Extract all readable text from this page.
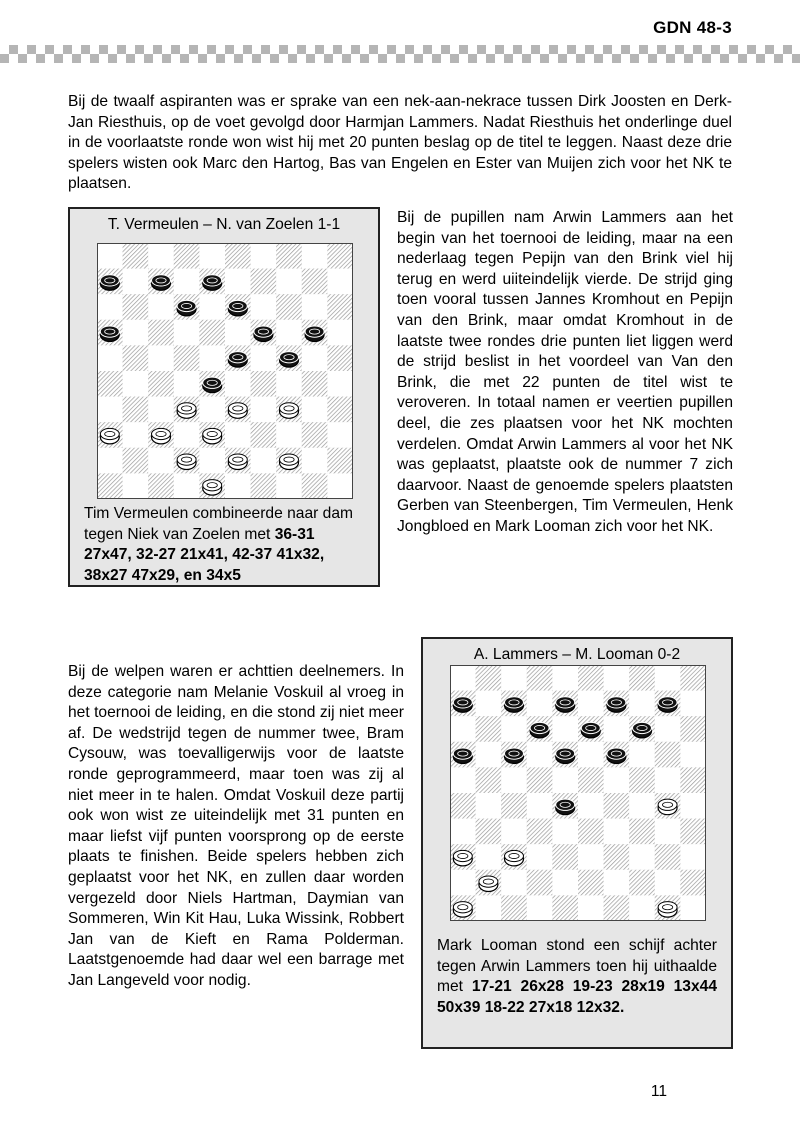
GDN 48-3

Bij de twaalf aspiranten was er sprake van een nek-aan-nekrace tussen Dirk Joosten en Derk-Jan Riesthuis, op de voet gevolgd door Harmjan Lammers. Nadat Riesthuis het onderlinge duel in de voorlaatste ronde won wist hij met 20 punten beslag op de titel te leggen. Naast deze drie spelers wisten ook Marc den Hartog, Bas van Engelen en Ester van Muijen zich voor het NK te plaatsen.

T. Vermeulen – N. van Zoelen 1-1
Tim Vermeulen combineerde naar dam tegen Niek van Zoelen met 36-31 27x47, 32-27 21x41, 42-37 41x32, 38x27 47x29, en 34x5

Bij de pupillen nam Arwin Lammers aan het begin van het toernooi de leiding, maar na een nederlaag tegen Pepijn van den Brink viel hij terug en werd uiiteindelijk vierde. De strijd ging toen vooral tussen Jannes Kromhout en Pepijn van den Brink, maar omdat Kromhout in de laatste twee rondes drie punten liet liggen werd de strijd beslist in het voordeel van Van den Brink, die met 22 punten de titel wist te veroveren. In totaal namen er veertien pupillen deel, die zes plaatsen voor het NK mochten verdelen. Omdat Arwin Lammers al voor het NK was geplaatst, plaatste ook de nummer 7 zich daarvoor. Naast de genoemde spelers plaatsten Gerben van Steenbergen, Tim Vermeulen, Henk Jongbloed en Mark Looman zich voor het NK.

A. Lammers – M. Looman 0-2
Mark Looman stond een schijf achter tegen Arwin Lammers toen hij uithaalde met 17-21 26x28 19-23 28x19 13x44 50x39 18-22 27x18 12x32.

Bij de welpen waren er achttien deelnemers. In deze categorie nam Melanie Voskuil al vroeg in het toernooi de leiding, en die stond zij niet meer af. De wedstrijd tegen de nummer twee, Bram Cysouw, was toevalligerwijs voor de laatste ronde geprogrammeerd, maar toen was zij al niet meer in te halen. Omdat Voskuil deze partij ook won wist ze uiteindelijk met 31 punten en maar liefst vijf punten voorsprong op de eerste plaats te finishen. Beide spelers hebben zich geplaatst voor het NK, en zullen daar worden vergezeld door Niels Hartman, Daymian van Sommeren, Win Kit Hau, Luka Wissink, Robbert Jan van de Kieft en Rama Polderman. Laatstgenoemde had daar wel een barrage met Jan Langeveld voor nodig.

11
